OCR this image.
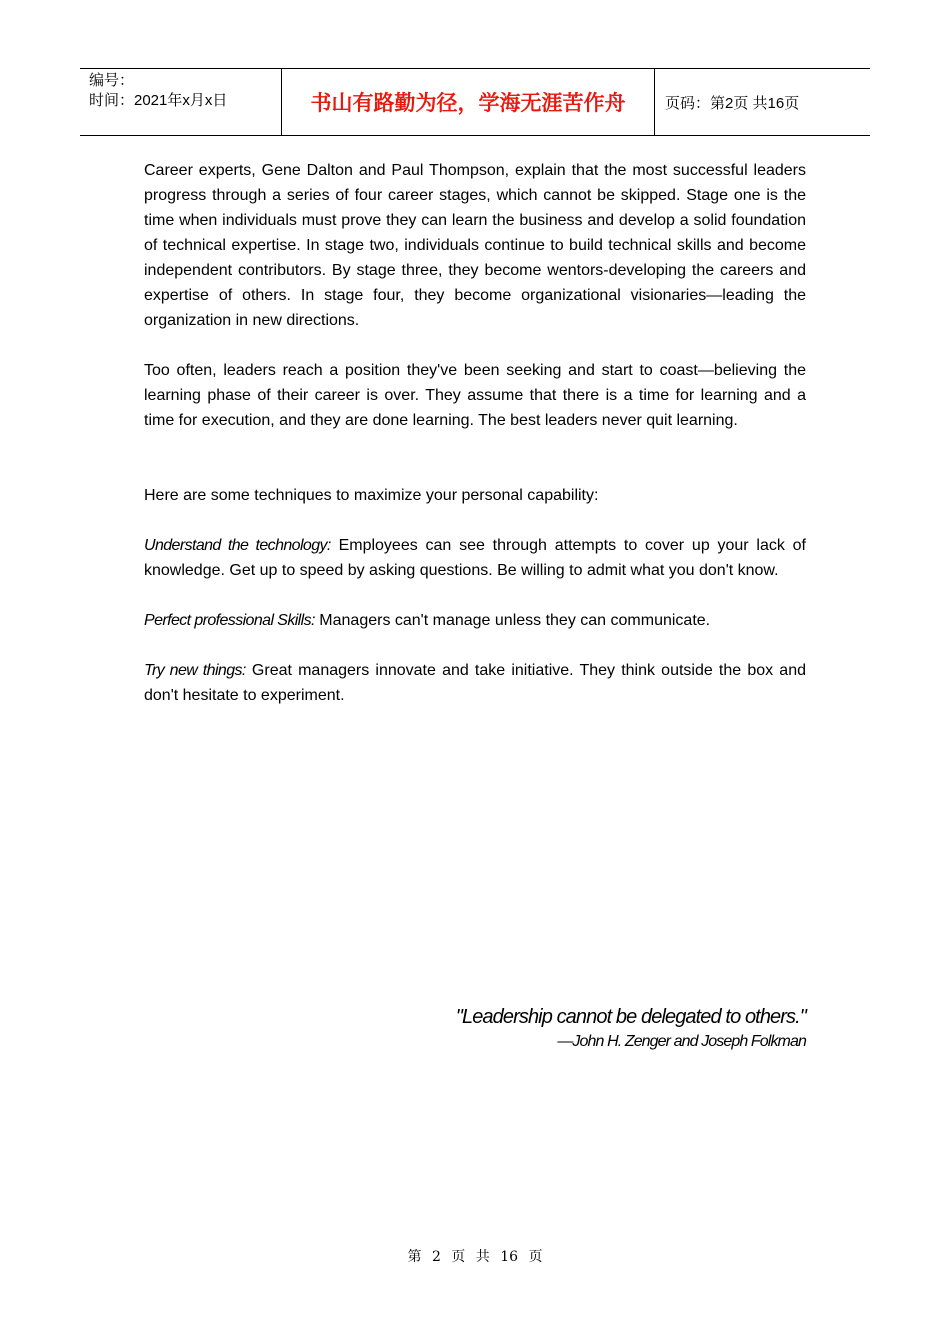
编号：
时间：2021年x月x日	书山有路勤为径，学海无涯苦作舟	页码：第2页 共16页

Career experts, Gene Dalton and Paul Thompson, explain that the most successful leaders progress through a series of four career stages, which cannot be skipped. Stage one is the time when individuals must prove they can learn the business and develop a solid foundation of technical expertise. In stage two, individuals continue to build technical skills and become independent contributors. By stage three, they become wentors-developing the careers and expertise of others. In stage four, they become organizational visionaries—leading the organization in new directions.

Too often, leaders reach a position they've been seeking and start to coast—believing the learning phase of their career is over. They assume that there is a time for learning and a time for execution, and they are done learning. The best leaders never quit learning.

Here are some techniques to maximize your personal capability:

Understand the technology: Employees can see through attempts to cover up your lack of knowledge. Get up to speed by asking questions. Be willing to admit what you don't know.

Perfect professional Skills: Managers can't manage unless they can communicate.

Try new things: Great managers innovate and take initiative. They think outside the box and don't hesitate to experiment.

"Leadership cannot be delegated to others."
—John H. Zenger and Joseph Folkman
第 2 页 共 16 页
